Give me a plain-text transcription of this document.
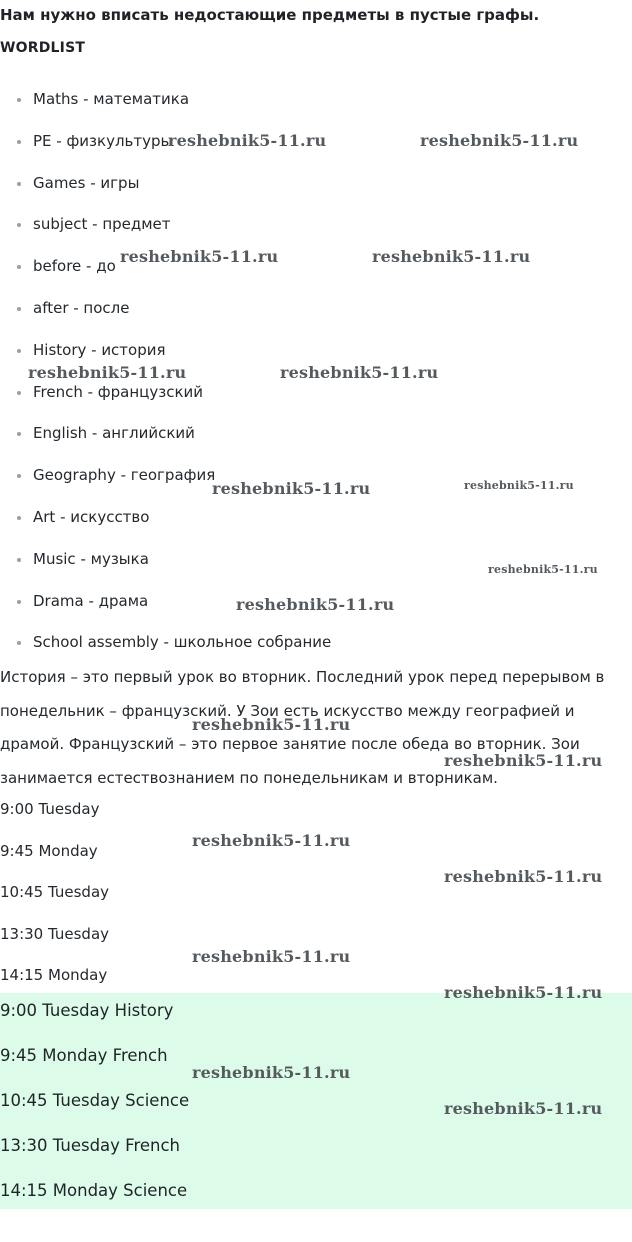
Нам нужно вписать недостающие предметы в пустые графы.
WORDLIST
Maths - математика
PE - физкультуры
Games - игры
subject - предмет
before - до
after - после
History - история
French - французский
English - английский
Geography - география
Art - искусство
Music - музыка
Drama - драма
School assembly - школьное собрание

История – это первый урок во вторник. Последний урок перед перерывом в понедельник – французский. У Зои есть искусство между географией и драмой. Французский – это первое занятие после обеда во вторник. Зои занимается естествознанием по понедельникам и вторникам.

9:00 Tuesday
9:45 Monday
10:45 Tuesday
13:30 Tuesday
14:15 Monday
9:00 Tuesday History
9:45 Monday French
10:45 Tuesday Science
13:30 Tuesday French
14:15 Monday Science
reshebnik5-11.ru	reshebnik5-11.ru
reshebnik5-11.ru	reshebnik5-11.ru
reshebnik5-11.ru	reshebnik5-11.ru
reshebnik5-11.ru	reshebnik5-11.ru
reshebnik5-11.ru
reshebnik5-11.ru
reshebnik5-11.ru
reshebnik5-11.ru
reshebnik5-11.ru
reshebnik5-11.ru
reshebnik5-11.ru
reshebnik5-11.ru
reshebnik5-11.ru
reshebnik5-11.ru
